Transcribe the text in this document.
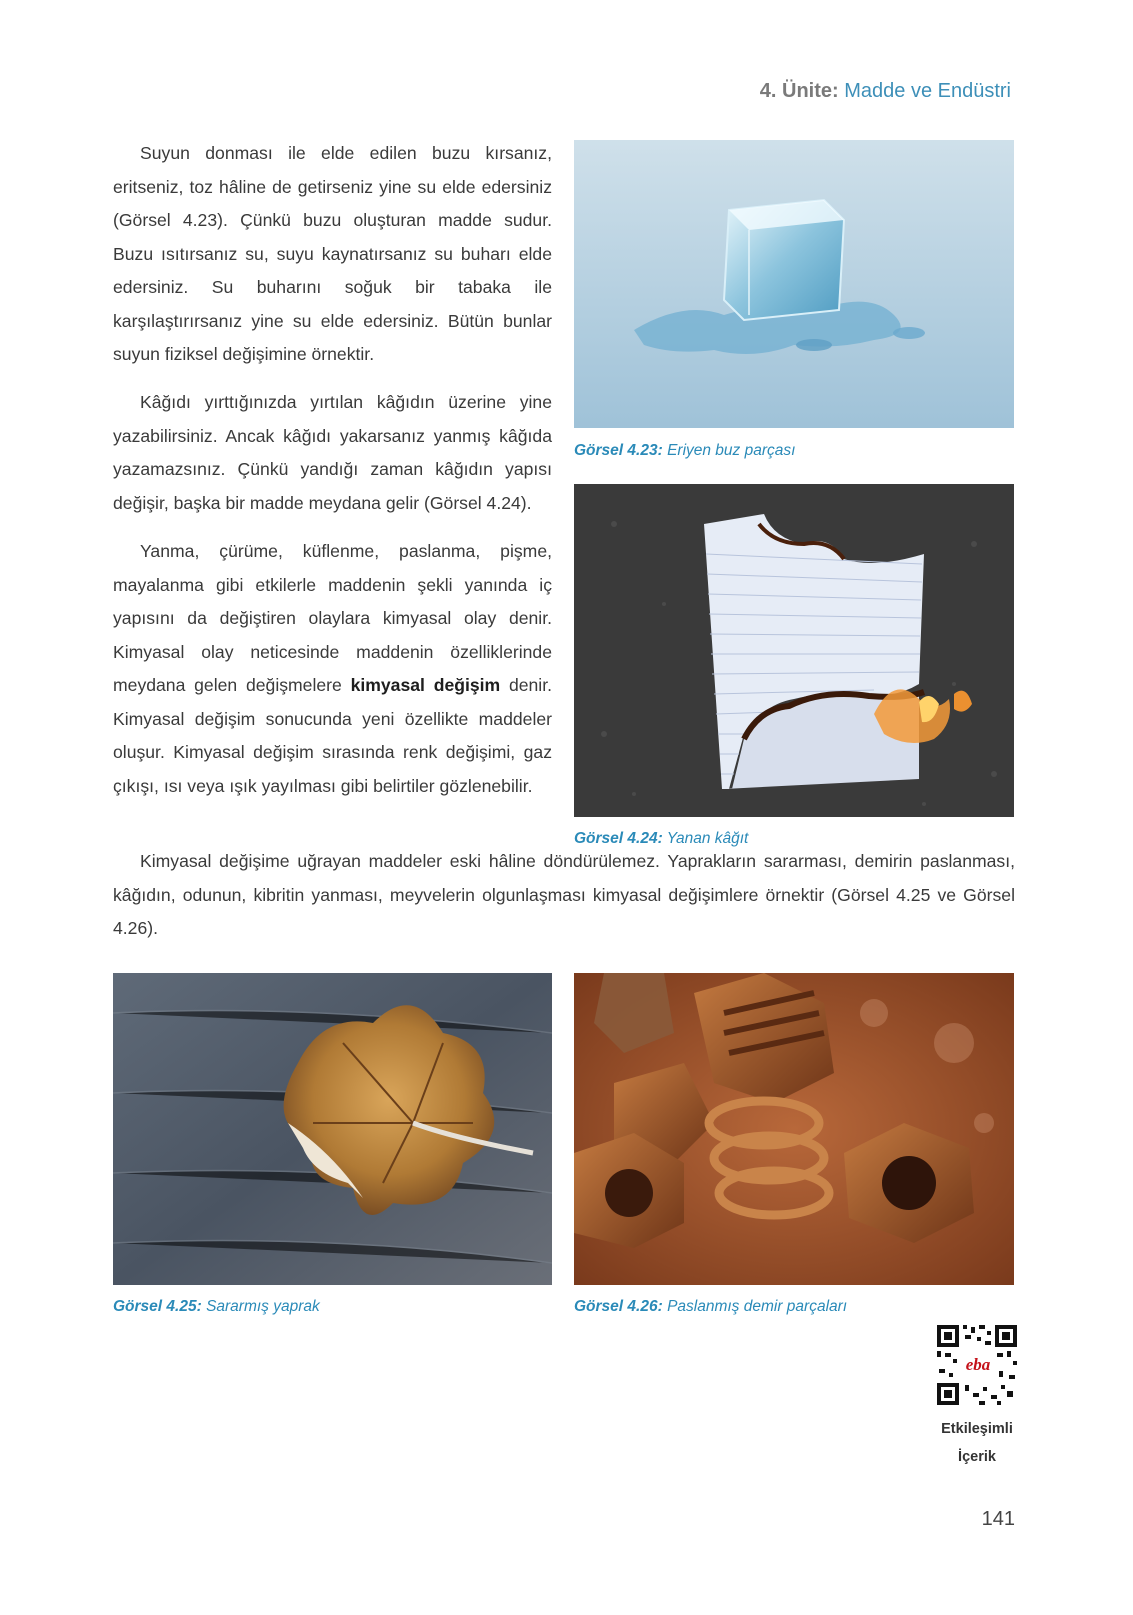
4. Ünite: Madde ve Endüstri

Suyun donması ile elde edilen buzu kırsanız, eritseniz, toz hâline de getirseniz yine su elde edersiniz (Görsel 4.23). Çünkü buzu oluşturan madde sudur. Buzu ısıtırsanız su, suyu kaynatırsanız su buharı elde edersiniz. Su buharını soğuk bir tabaka ile karşılaştırırsanız yine su elde edersiniz. Bütün bunlar suyun fiziksel değişimine örnektir.

Kâğıdı yırttığınızda yırtılan kâğıdın üzerine yine yazabilirsiniz. Ancak kâğıdı yakarsanız yanmış kâğıda yazamazsınız. Çünkü yandığı zaman kâğıdın yapısı değişir, başka bir madde meydana gelir (Görsel 4.24).

Yanma, çürüme, küflenme, paslanma, pişme, mayalanma gibi etkilerle maddenin şekli yanında iç yapısını da değiştiren olaylara kimyasal olay denir. Kimyasal olay neticesinde maddenin özelliklerinde meydana gelen değişmelere kimyasal değişim denir. Kimyasal değişim sonucunda yeni özellikte maddeler oluşur. Kimyasal değişim sırasında renk değişimi, gaz çıkışı, ısı veya ışık yayılması gibi belirtiler gözlenebilir.

Kimyasal değişime uğrayan maddeler eski hâline döndürülemez. Yaprakların sararması, demirin paslanması, kâğıdın, odunun, kibritin yanması, meyvelerin olgunlaşması kimyasal değişimlere örnektir (Görsel 4.25 ve Görsel 4.26).

Görsel 4.23: Eriyen buz parçası
Görsel 4.24: Yanan kâğıt
Görsel 4.25: Sararmış yaprak	Görsel 4.26: Paslanmış demir parçaları
eba
Etkileşimli
İçerik
141
